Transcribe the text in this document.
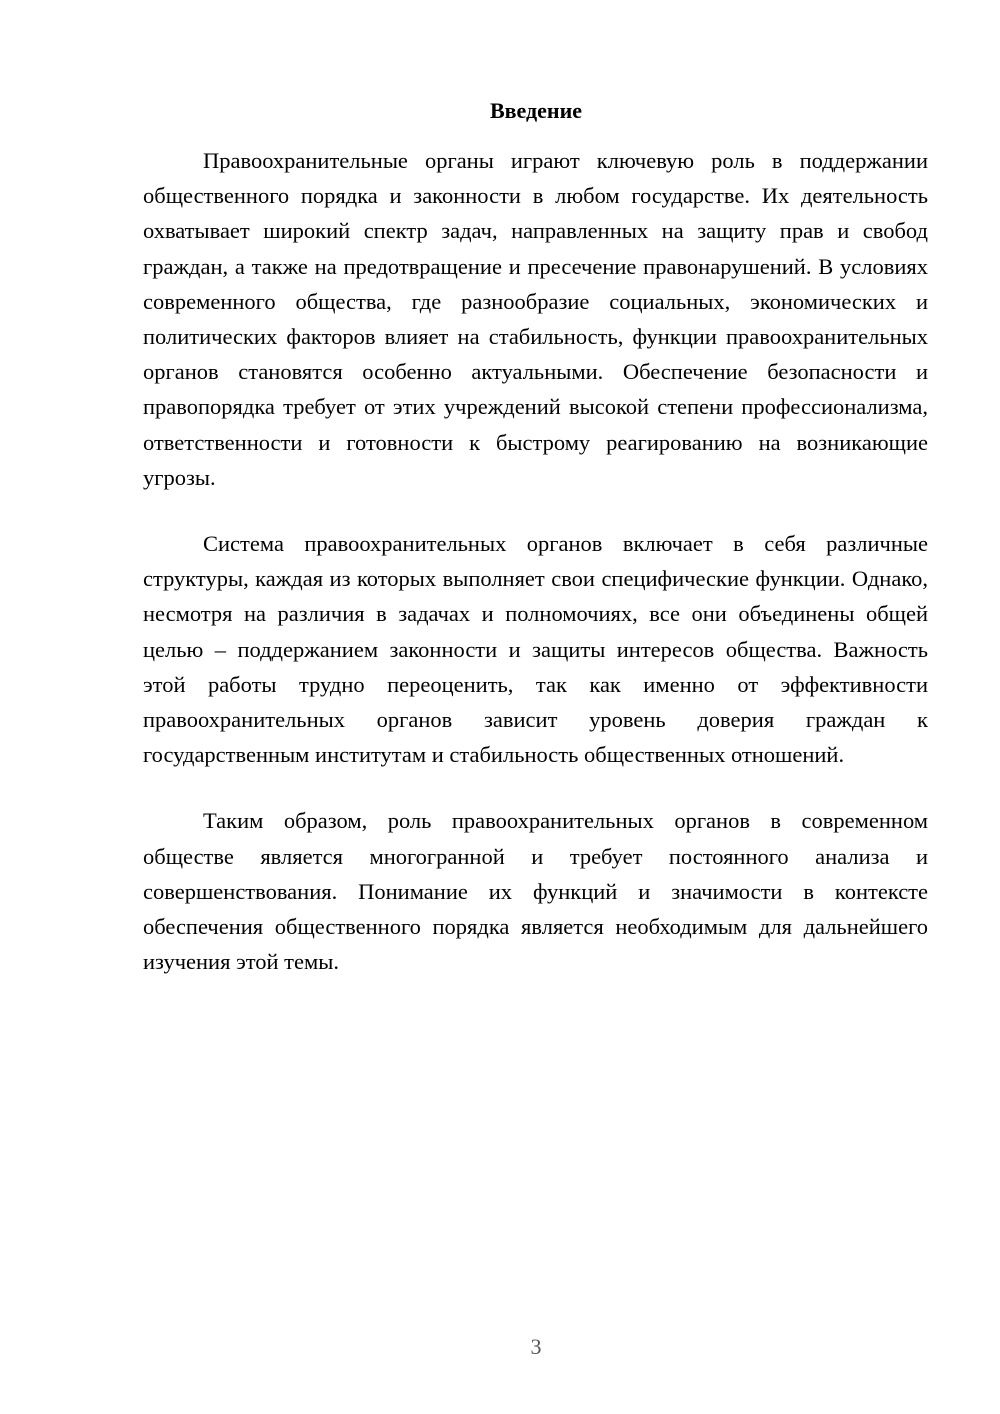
Введение

Правоохранительные органы играют ключевую роль в поддержании общественного порядка и законности в любом государстве. Их деятельность охватывает широкий спектр задач, направленных на защиту прав и свобод граждан, а также на предотвращение и пресечение правонарушений. В условиях современного общества, где разнообразие социальных, экономических и политических факторов влияет на стабильность, функции правоохранительных органов становятся особенно актуальными. Обеспечение безопасности и правопорядка требует от этих учреждений высокой степени профессионализма, ответственности и готовности к быстрому реагированию на возникающие угрозы.

Система правоохранительных органов включает в себя различные структуры, каждая из которых выполняет свои специфические функции. Однако, несмотря на различия в задачах и полномочиях, все они объединены общей целью – поддержанием законности и защиты интересов общества. Важность этой работы трудно переоценить, так как именно от эффективности правоохранительных органов зависит уровень доверия граждан к государственным институтам и стабильность общественных отношений.

Таким образом, роль правоохранительных органов в современном обществе является многогранной и требует постоянного анализа и совершенствования. Понимание их функций и значимости в контексте обеспечения общественного порядка является необходимым для дальнейшего изучения этой темы.

3
